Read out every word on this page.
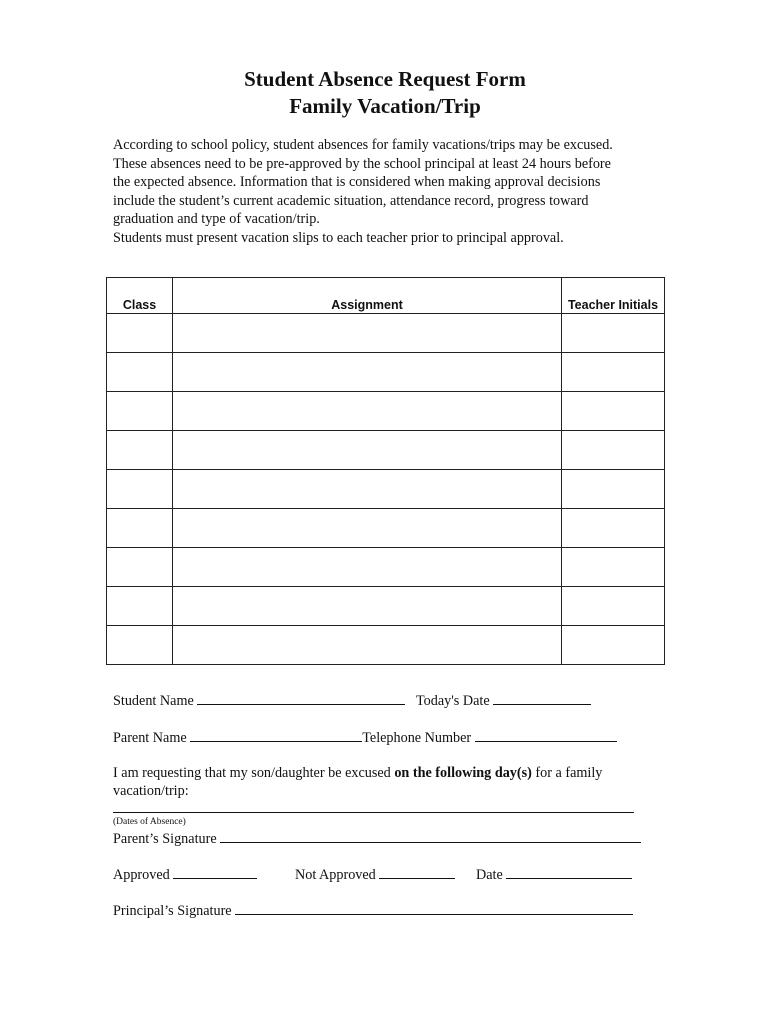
Student Absence Request Form
Family Vacation/Trip
According to school policy, student absences for family vacations/trips may be excused.
These absences need to be pre-approved by the school principal at least 24 hours before
the expected absence. Information that is considered when making approval decisions
include the student’s current academic situation, attendance record, progress toward
graduation and type of vacation/trip.
Students must present vacation slips to each teacher prior to principal approval.
Class	Assignment	Teacher Initials

Student Name	Today's Date
Parent Name	Telephone Number
I am requesting that my son/daughter be excused on the following day(s) for a family
vacation/trip:
(Dates of Absence)
Parent’s Signature
Approved	Not Approved	Date
Principal’s Signature
